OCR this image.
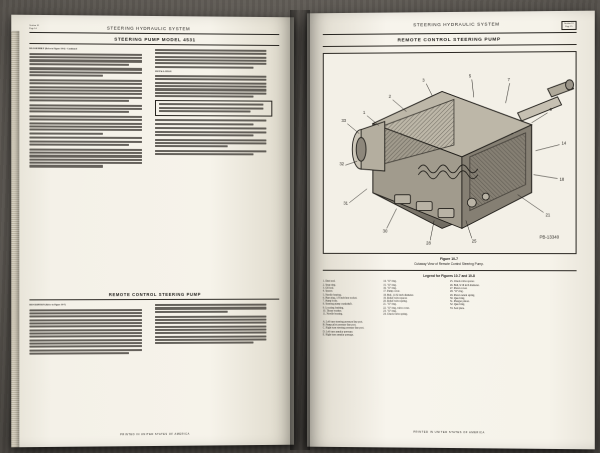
Section 10
Page 14	STEERING HYDRAULIC SYSTEM
STEERING PUMP MODEL 4531
REASSEMBLY (Refer to Figure 10-6) - Continued
INSTALLATION
REMOTE CONTROL STEERING PUMP
DESCRIPTION (Refer to Figure 10-7)
PRINTED IN UNITED STATES OF AMERICA
STEERING HYDRAULIC SYSTEM	Section 10
Page 15
REMOTE CONTROL STEERING PUMP
1
2
3
5
7
9
14
18
21
25
28
30
31
32
33
PB-13340
Figure 10-7
Cutaway View of Remote Control Steering Pump.
Legend for Figures 10-7 and 10-8
1. Dust seal.
2. Snap ring.
3. Oil seal.
4. Spacer.
5. Needle bearing.
6. Pipe plug, 1/8 inch hex-socket.
7. Pump body.
8. Steering pump crankshaft.
9. Locating bushing.
10. Thrust washer.
11. Needle bearing.
14. "O" ring.
15. "O" ring.
16. "O" ring.
17. Pump cover.
18. Ball, 11/32 inch diameter.
19. Relief valve spacer.
20. Relief valve spring.
21. "O" ring.
22. "O" ring, valve cover.
23. "O" ring.
24. Check valve spring.
25. Check valve spacer.
26. Ball, 9/16 inch diameter.
27. Piston cover.
28. "O" ring.
29. Piston return spring.
30. Quad ring.
31. Plunger piston.
32. Quad ring.
33. Seal plate.
A. Left turn steering pressure line port.
B. Pump pilot pressure line port.
C. Right turn steering pressure line port.
D. Left turn annular pressure.
E. Right turn annular passage.
PRINTED IN UNITED STATES OF AMERICA
